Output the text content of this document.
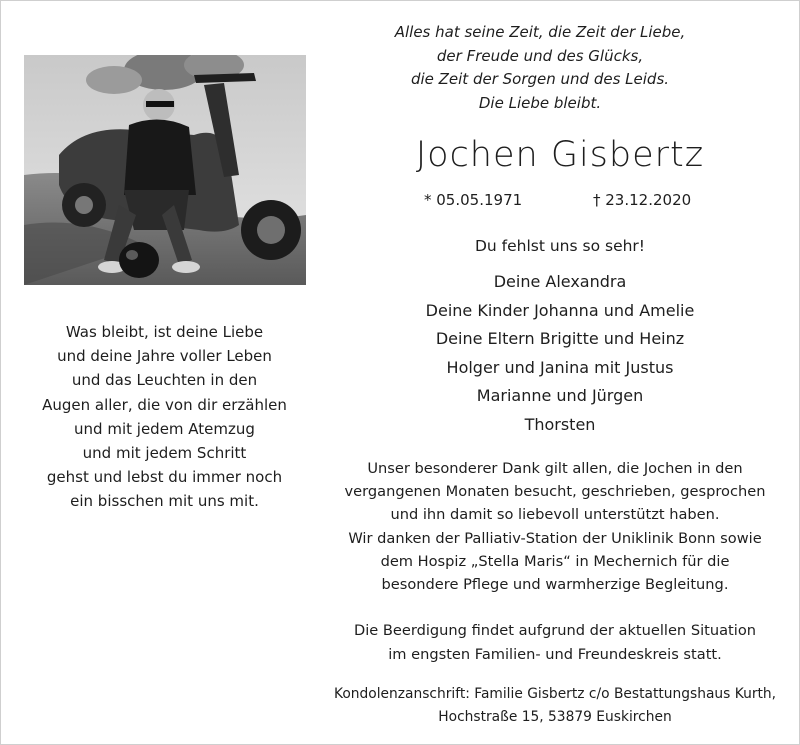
Alles hat seine Zeit, die Zeit der Liebe,
der Freude und des Glücks,
die Zeit der Sorgen und des Leids.
Die Liebe bleibt.
Jochen Gisbertz
* 05.05.1971	† 23.12.2020
Du fehlst uns so sehr!
Deine Alexandra
Deine Kinder Johanna und Amelie
Deine Eltern Brigitte und Heinz
Holger und Janina mit Justus
Marianne und Jürgen
Thorsten
Was bleibt, ist deine Liebe
und deine Jahre voller Leben
und das Leuchten in den
Augen aller, die von dir erzählen
und mit jedem Atemzug
und mit jedem Schritt
gehst und lebst du immer noch
ein bisschen mit uns mit.
Unser besonderer Dank gilt allen, die Jochen in den
vergangenen Monaten besucht, geschrieben, gesprochen
und ihn damit so liebevoll unterstützt haben.
Wir danken der Palliativ-Station der Uniklinik Bonn sowie
dem Hospiz „Stella Maris“ in Mechernich für die
besondere Pflege und warmherzige Begleitung.
Die Beerdigung findet aufgrund der aktuellen Situation
im engsten Familien- und Freundeskreis statt.
Kondolenzanschrift: Familie Gisbertz c/o Bestattungshaus Kurth,
Hochstraße 15, 53879 Euskirchen
